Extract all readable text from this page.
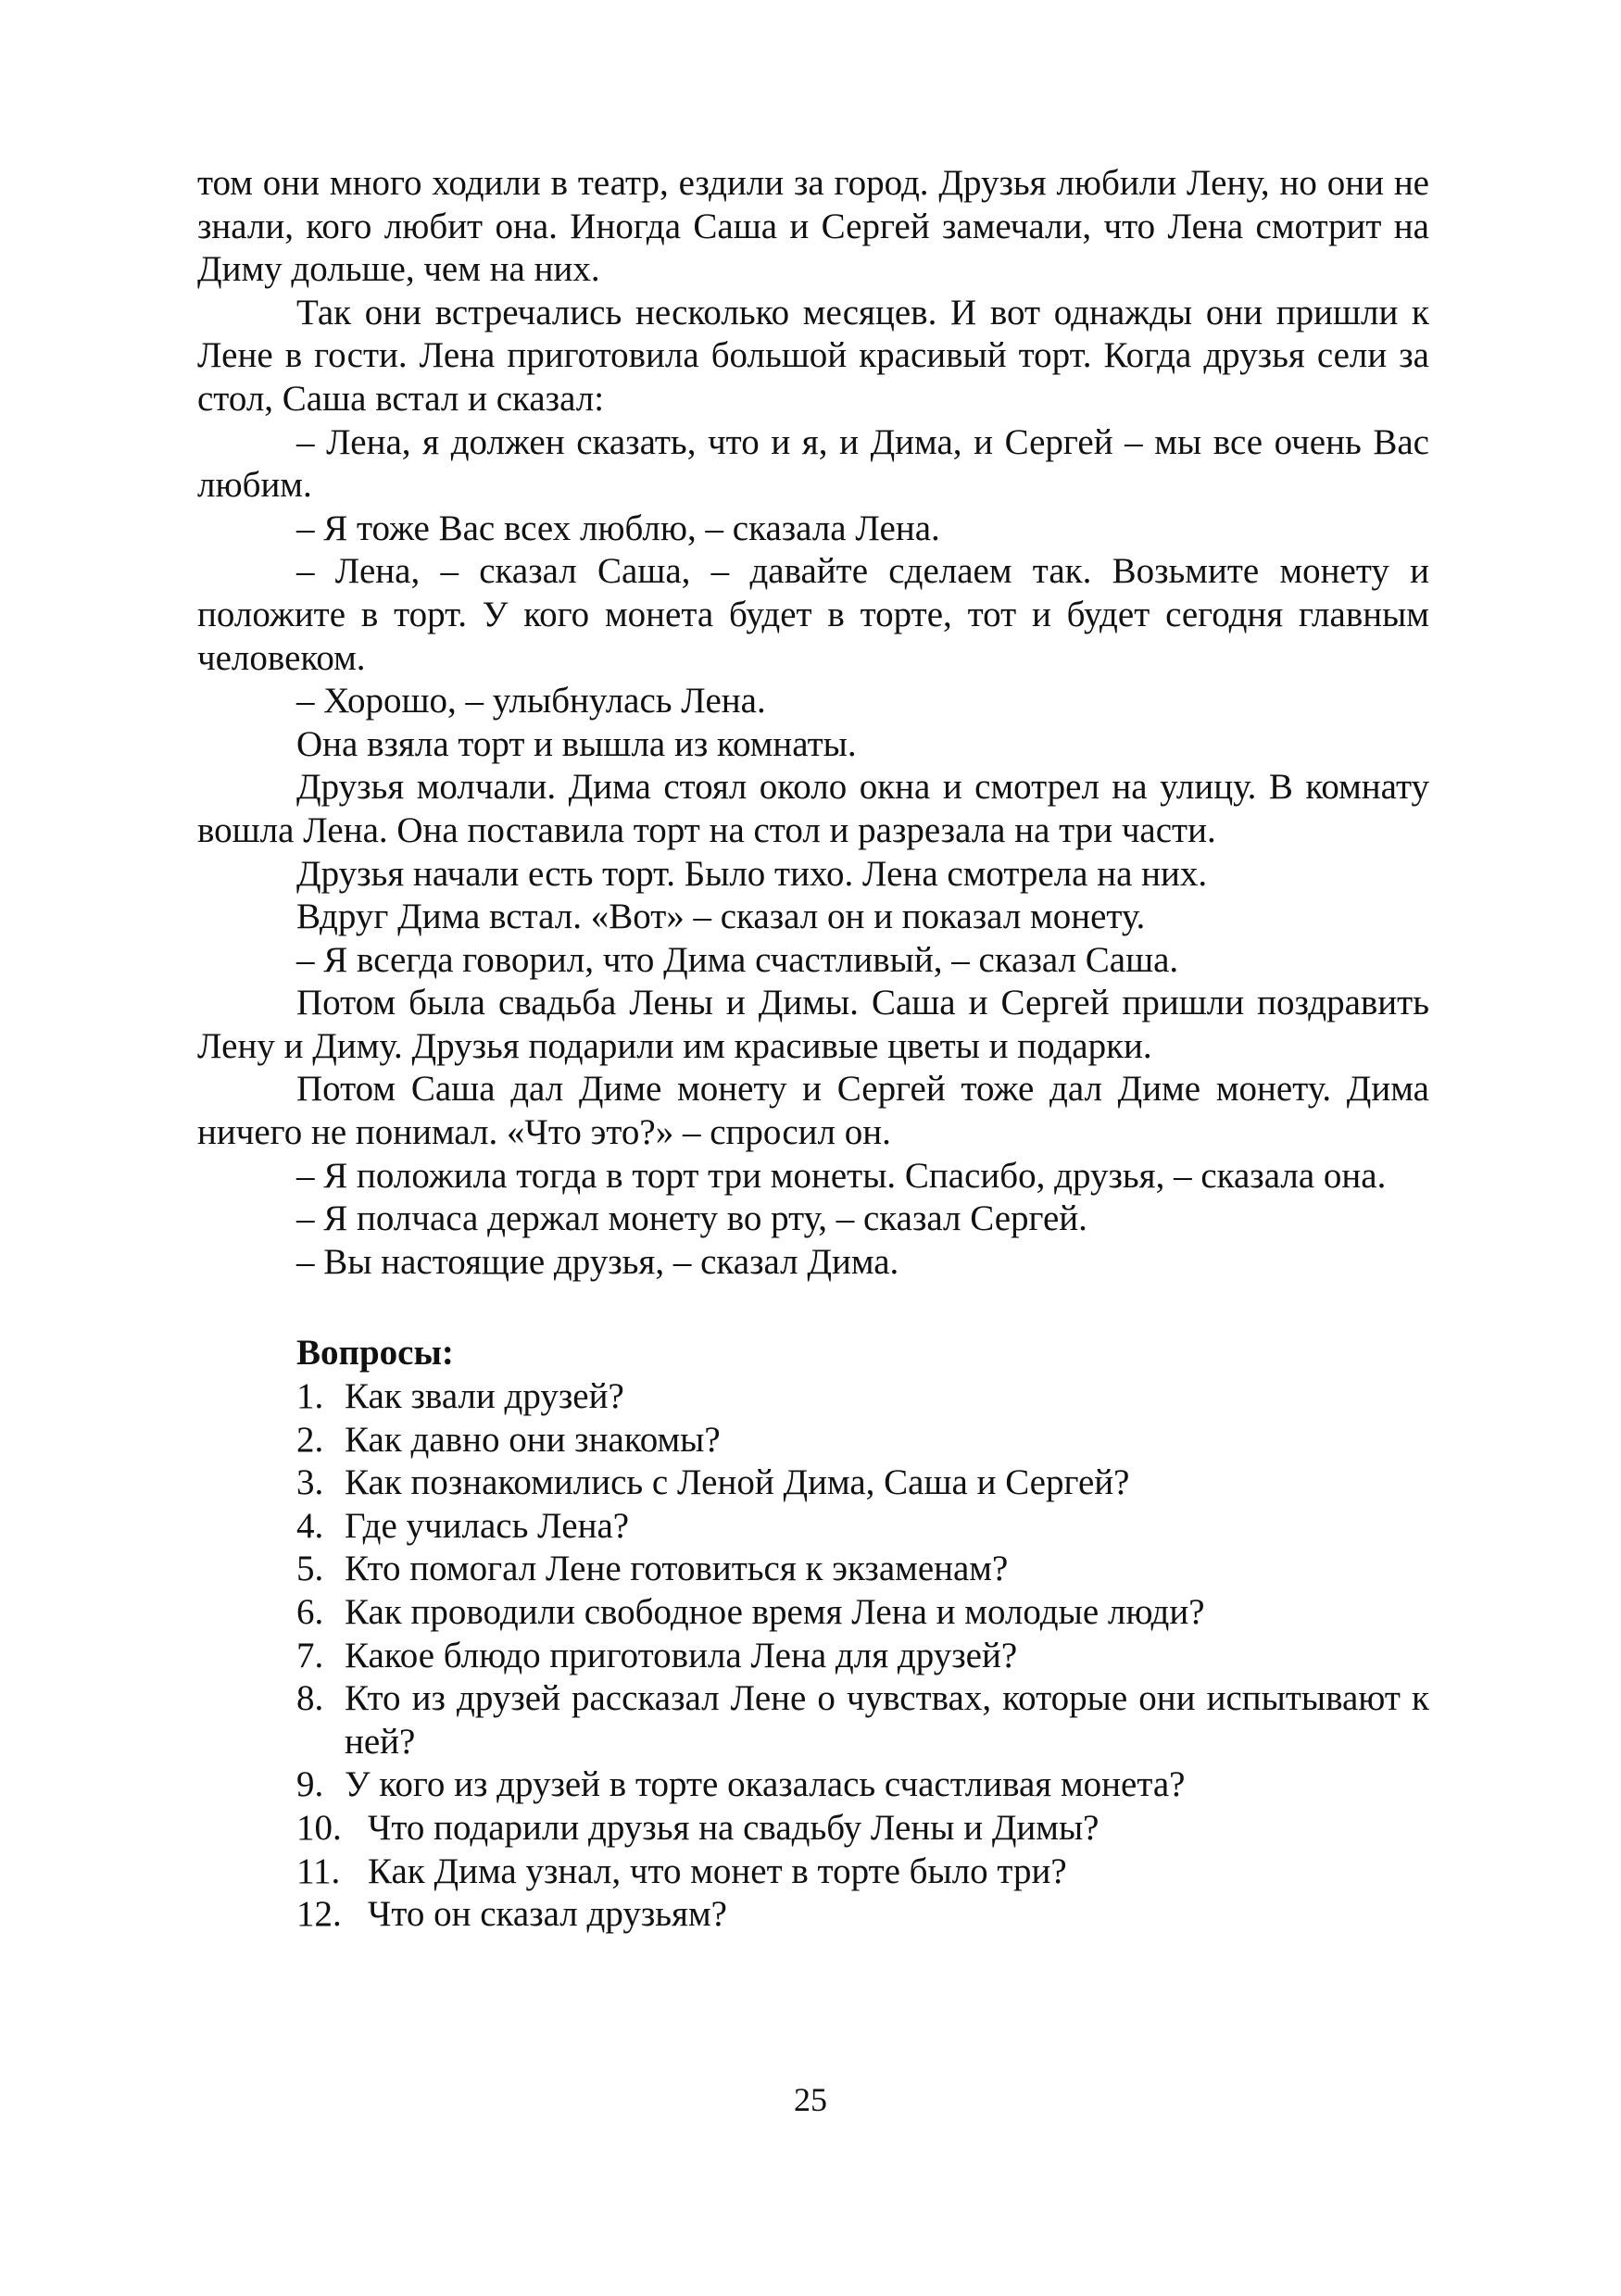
том они много ходили в театр, ездили за город. Друзья любили Лену, но они не знали, кого любит она. Иногда Саша и Сергей замечали, что Лена смотрит на Диму дольше, чем на них.

Так они встречались несколько месяцев. И вот однажды они пришли к Лене в гости. Лена приготовила большой красивый торт. Когда друзья сели за стол, Саша встал и сказал:

– Лена, я должен сказать, что и я, и Дима, и Сергей – мы все очень Вас любим.

– Я тоже Вас всех люблю, – сказала Лена.

– Лена, – сказал Саша, – давайте сделаем так. Возьмите монету и положите в торт. У кого монета будет в торте, тот и будет сегодня главным человеком.

– Хорошо, – улыбнулась Лена.

Она взяла торт и вышла из комнаты.

Друзья молчали. Дима стоял около окна и смотрел на улицу. В комнату вошла Лена. Она поставила торт на стол и разрезала на три части.

Друзья начали есть торт. Было тихо. Лена смотрела на них.

Вдруг Дима встал. «Вот» – сказал он и показал монету.

– Я всегда говорил, что Дима счастливый, – сказал Саша.

Потом была свадьба Лены и Димы. Саша и Сергей пришли поздравить Лену и Диму. Друзья подарили им красивые цветы и подарки.

Потом Саша дал Диме монету и Сергей тоже дал Диме монету. Дима ничего не понимал. «Что это?» – спросил он.

– Я положила тогда в торт три монеты. Спасибо, друзья, – сказала она.

– Я полчаса держал монету во рту, – сказал Сергей.

– Вы настоящие друзья, – сказал Дима.

Вопросы:
1. Как звали друзей?
2. Как давно они знакомы?
3. Как познакомились с Леной Дима, Саша и Сергей?
4. Где училась Лена?
5. Кто помогал Лене готовиться к экзаменам?
6. Как проводили свободное время Лена и молодые люди?
7. Какое блюдо приготовила Лена для друзей?
8. Кто из друзей рассказал Лене о чувствах, которые они испытывают к ней?
9. У кого из друзей в торте оказалась счастливая монета?
10. Что подарили друзья на свадьбу Лены и Димы?
11. Как Дима узнал, что монет в торте было три?
12. Что он сказал друзьям?
25
